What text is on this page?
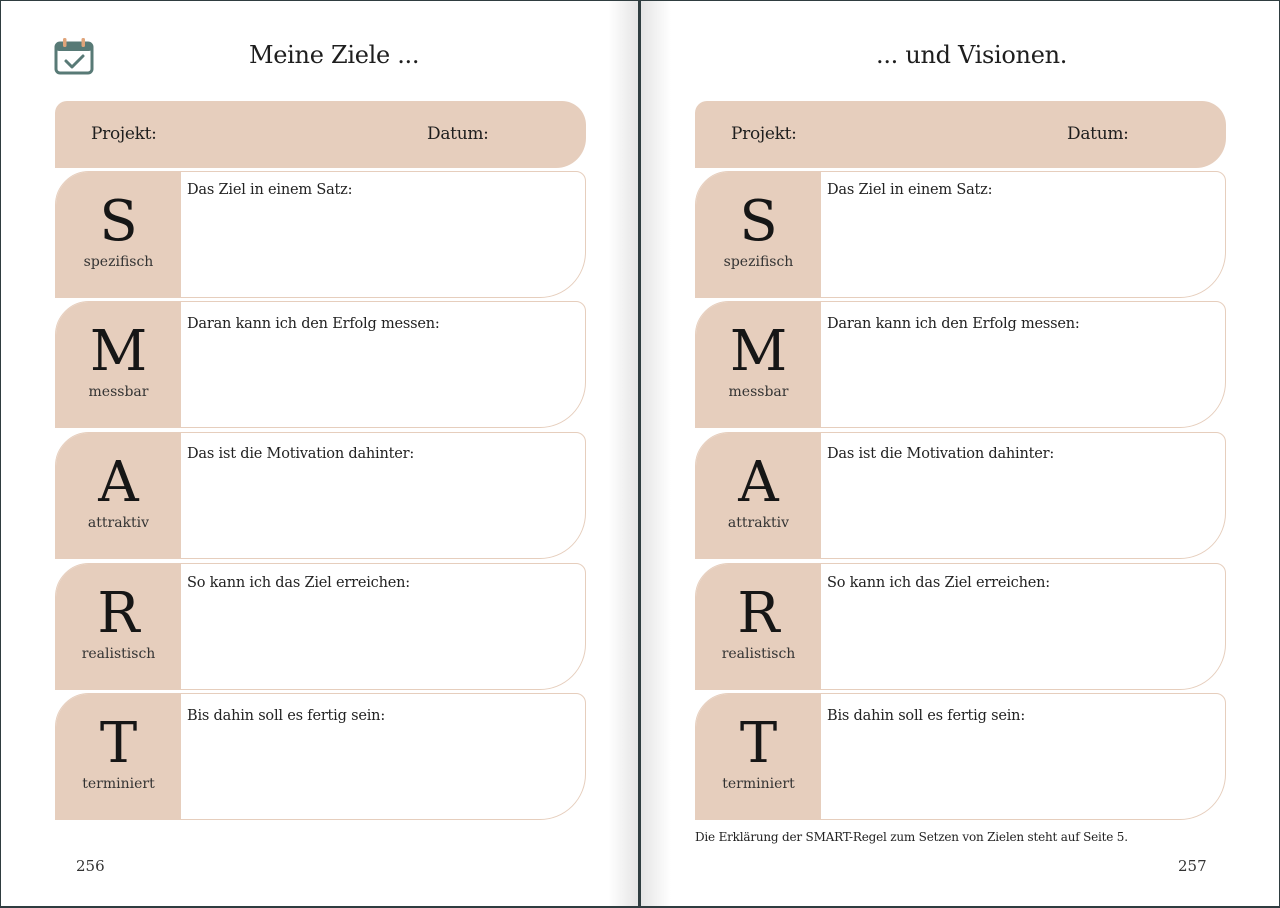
Meine Ziele ...
Projekt:	Datum:
S
spezifisch
Das Ziel in einem Satz:
M
messbar
Daran kann ich den Erfolg messen:
A
attraktiv
Das ist die Motivation dahinter:
R
realistisch
So kann ich das Ziel erreichen:
T
terminiert
Bis dahin soll es fertig sein:
256
... und Visionen.
Projekt:	Datum:
S
spezifisch
Das Ziel in einem Satz:
M
messbar
Daran kann ich den Erfolg messen:
A
attraktiv
Das ist die Motivation dahinter:
R
realistisch
So kann ich das Ziel erreichen:
T
terminiert
Bis dahin soll es fertig sein:
Die Erklärung der SMART-Regel zum Setzen von Zielen steht auf Seite 5.
257
